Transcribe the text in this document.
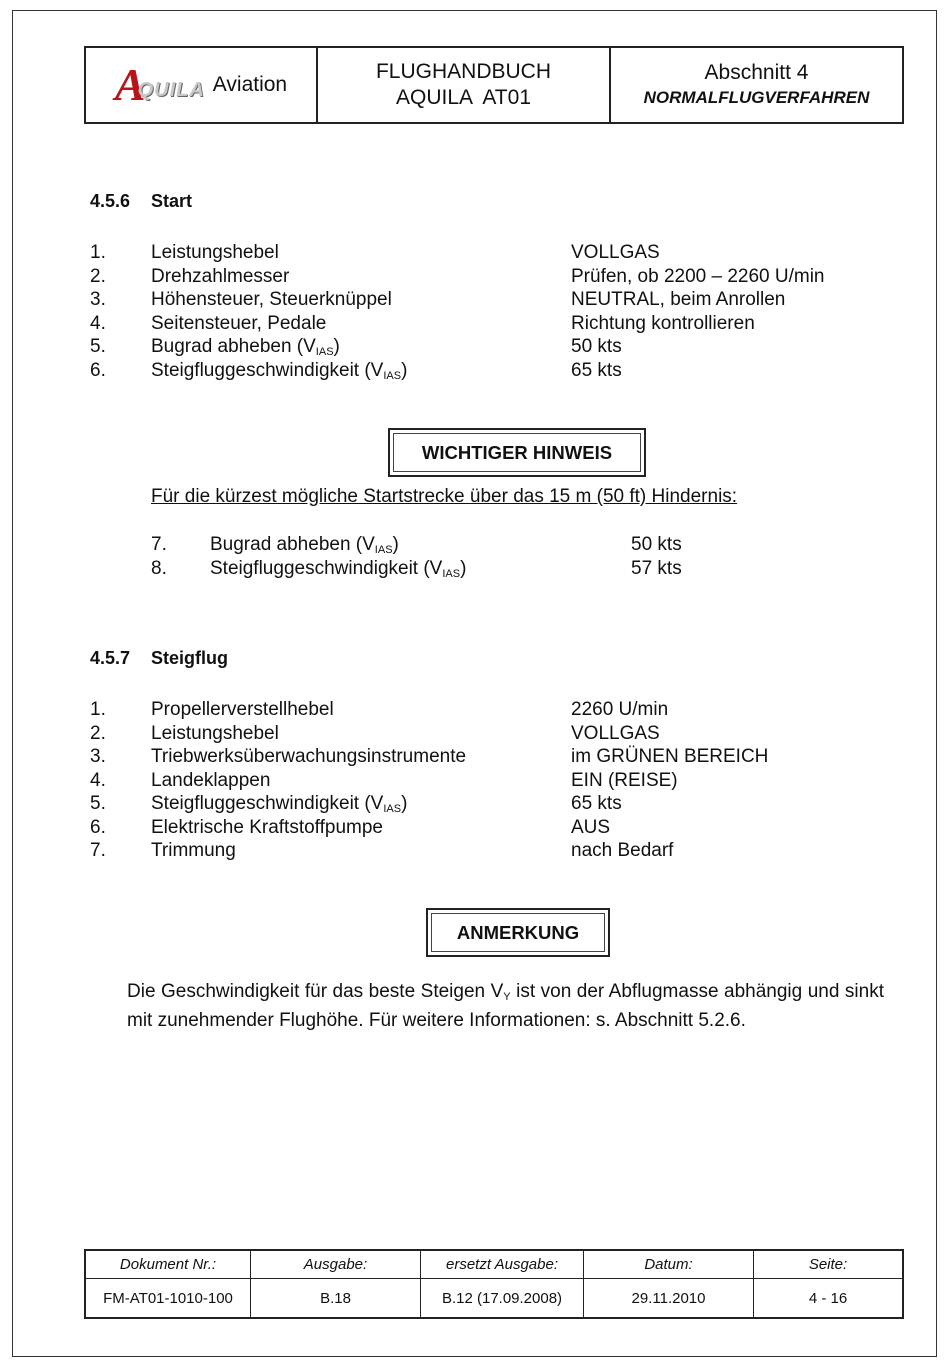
A
QUILA Aviation
FLUGHANDBUCH
AQUILA  AT01
Abschnitt 4
NORMALFLUGVERFAHREN
4.5.6 Start
1. Leistungshebel	VOLLGAS
2. Drehzahlmesser	Prüfen, ob 2200 – 2260 U/min
3. Höhensteuer, Steuerknüppel	NEUTRAL, beim Anrollen
4. Seitensteuer, Pedale	Richtung kontrollieren
5. Bugrad abheben $(V_{IAS})$	50 kts
6. Steigfluggeschwindigkeit $(V_{IAS})$	65 kts
WICHTIGER HINWEIS
Für die kürzest mögliche Startstrecke über das 15 m (50 ft) Hindernis:
7. Bugrad abheben $(V_{IAS})$	50 kts
8. Steigfluggeschwindigkeit $(V_{IAS})$	57 kts
4.5.7 Steigflug
1. Propellerverstellhebel	2260 U/min
2. Leistungshebel	VOLLGAS
3. Triebwerksüberwachungsinstrumente	im GRÜNEN BEREICH
4. Landeklappen	EIN (REISE)
5. Steigfluggeschwindigkeit $(V_{IAS})$	65 kts
6. Elektrische Kraftstoffpumpe	AUS
7. Trimmung	nach Bedarf
ANMERKUNG
Die Geschwindigkeit für das beste Steigen $V_Y$ ist von der Abflugmasse abhängig und sinkt mit zunehmender Flughöhe. Für weitere Informationen: s. Abschnitt 5.2.6.
Dokument Nr.:	Ausgabe:	ersetzt Ausgabe:	Datum:	Seite:
FM-AT01-1010-100	B.18	B.12 (17.09.2008)	29.11.2010	4 - 16
